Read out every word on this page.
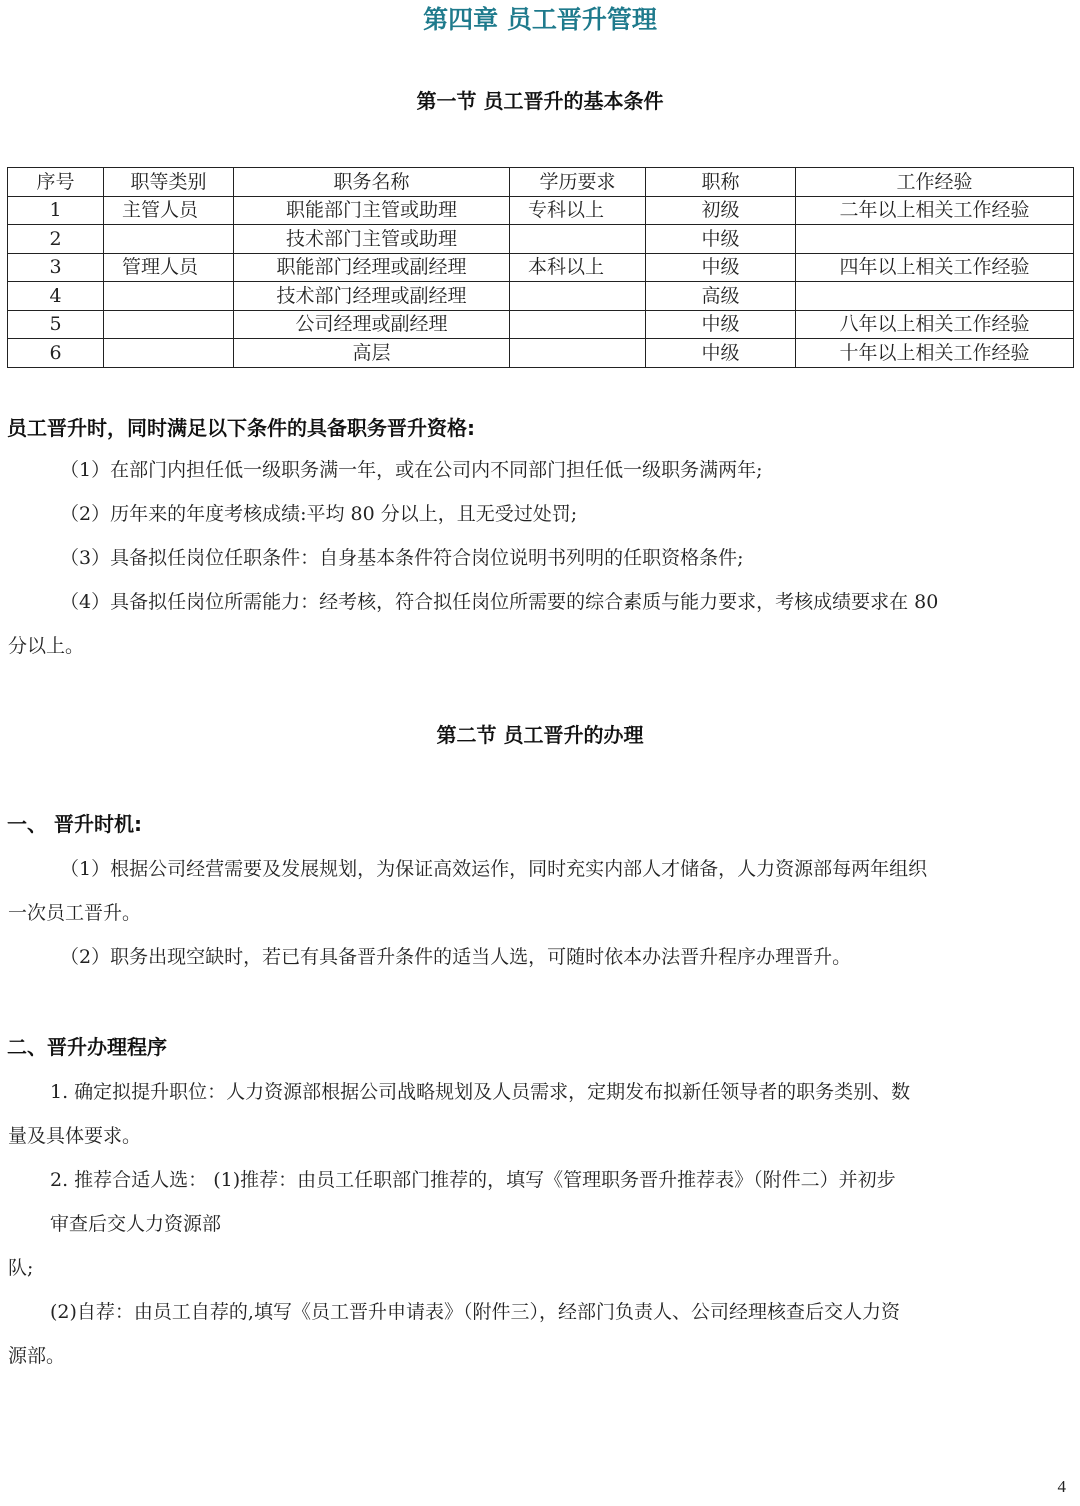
第四章 员工晋升管理
第一节 员工晋升的基本条件
序号	职等类别	职务名称	学历要求	职称	工作经验
1	主管人员	职能部门主管或助理	专科以上	初级	二年以上相关工作经验
2		技术部门主管或助理		中级	
3	管理人员	职能部门经理或副经理	本科以上	中级	四年以上相关工作经验
4		技术部门经理或副经理		高级	
5		公司经理或副经理		中级	八年以上相关工作经验
6		高层		中级	十年以上相关工作经验
员工晋升时，同时满足以下条件的具备职务晋升资格:
（1）在部门内担任低一级职务满一年，或在公司内不同部门担任低一级职务满两年;
（2）历年来的年度考核成绩:平均 80 分以上，且无受过处罚;
（3）具备拟任岗位任职条件：自身基本条件符合岗位说明书列明的任职资格条件;
（4）具备拟任岗位所需能力：经考核，符合拟任岗位所需要的综合素质与能力要求，考核成绩要求在 80
分以上。
第二节 员工晋升的办理
一、 晋升时机:
（1）根据公司经营需要及发展规划，为保证高效运作，同时充实内部人才储备，人力资源部每两年组织
一次员工晋升。
（2）职务出现空缺时，若已有具备晋升条件的适当人选，可随时依本办法晋升程序办理晋升。
二、晋升办理程序
1. 确定拟提升职位：人力资源部根据公司战略规划及人员需求，定期发布拟新任领导者的职务类别、数
量及具体要求。
2. 推荐合适人选： (1)推荐：由员工任职部门推荐的，填写《管理职务晋升推荐表》（附件二）并初步
审查后交人力资源部
队;
(2)自荐：由员工自荐的,填写《员工晋升申请表》（附件三），经部门负责人、公司经理核查后交人力资
源部。
4
